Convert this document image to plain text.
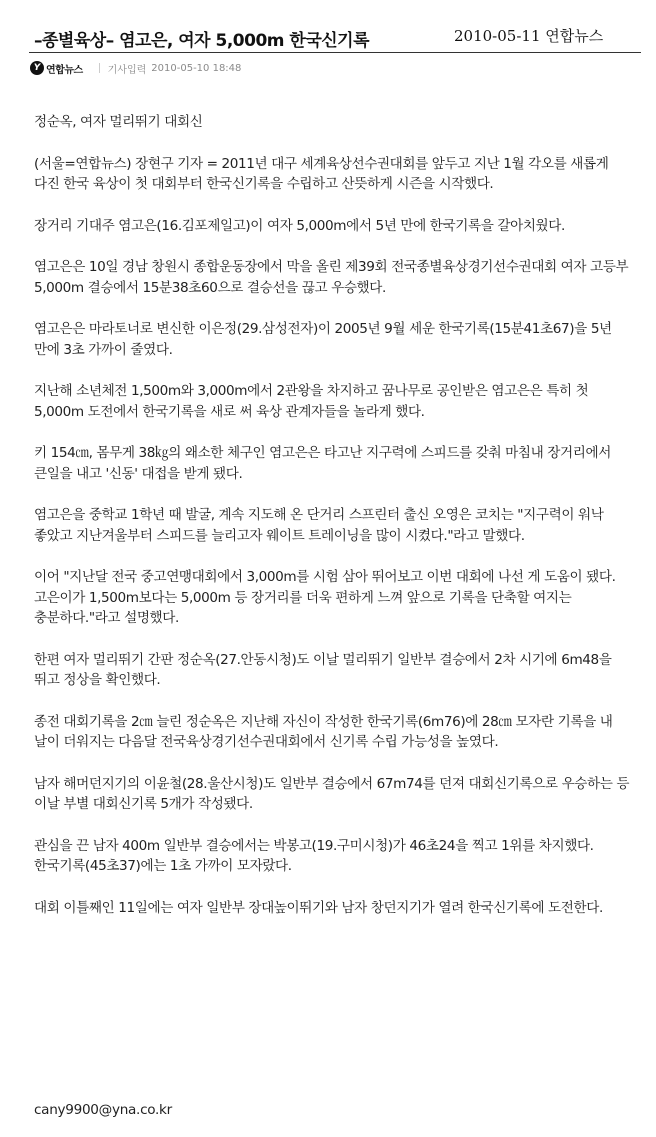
–종별육상– 염고은, 여자 5,000m 한국신기록	2010-05-11 연합뉴스
Y 연합뉴스	기사입력 2010-05-10 18:48

정순옥, 여자 멀리뛰기 대회신

(서울=연합뉴스) 장현구 기자 = 2011년 대구 세계육상선수권대회를 앞두고 지난 1월 각오를 새롭게 다진 한국 육상이 첫 대회부터 한국신기록을 수립하고 산뜻하게 시즌을 시작했다.

장거리 기대주 염고은(16.김포제일고)이 여자 5,000m에서 5년 만에 한국기록을 갈아치웠다.

염고은은 10일 경남 창원시 종합운동장에서 막을 올린 제39회 전국종별육상경기선수권대회 여자 고등부 5,000m 결승에서 15분38초60으로 결승선을 끊고 우승했다.

염고은은 마라토너로 변신한 이은정(29.삼성전자)이 2005년 9월 세운 한국기록(15분41초67)을 5년 만에 3초 가까이 줄였다.

지난해 소년체전 1,500m와 3,000m에서 2관왕을 차지하고 꿈나무로 공인받은 염고은은 특히 첫 5,000m 도전에서 한국기록을 새로 써 육상 관계자들을 놀라게 했다.

키 154㎝, 몸무게 38㎏의 왜소한 체구인 염고은은 타고난 지구력에 스피드를 갖춰 마침내 장거리에서 큰일을 내고 '신동' 대접을 받게 됐다.

염고은을 중학교 1학년 때 발굴, 계속 지도해 온 단거리 스프린터 출신 오영은 코치는 "지구력이 워낙 좋았고 지난겨울부터 스피드를 늘리고자 웨이트 트레이닝을 많이 시켰다."라고 말했다.

이어 "지난달 전국 중고연맹대회에서 3,000m를 시험 삼아 뛰어보고 이번 대회에 나선 게 도움이 됐다. 고은이가 1,500m보다는 5,000m 등 장거리를 더욱 편하게 느껴 앞으로 기록을 단축할 여지는 충분하다."라고 설명했다.

한편 여자 멀리뛰기 간판 정순옥(27.안동시청)도 이날 멀리뛰기 일반부 결승에서 2차 시기에 6m48을 뛰고 정상을 확인했다.

종전 대회기록을 2㎝ 늘린 정순옥은 지난해 자신이 작성한 한국기록(6m76)에 28㎝ 모자란 기록을 내 날이 더워지는 다음달 전국육상경기선수권대회에서 신기록 수립 가능성을 높였다.

남자 해머던지기의 이윤철(28.울산시청)도 일반부 결승에서 67m74를 던져 대회신기록으로 우승하는 등 이날 부별 대회신기록 5개가 작성됐다.

관심을 끈 남자 400m 일반부 결승에서는 박봉고(19.구미시청)가 46초24을 찍고 1위를 차지했다. 한국기록(45초37)에는 1초 가까이 모자랐다.

대회 이틀째인 11일에는 여자 일반부 장대높이뛰기와 남자 창던지기가 열려 한국신기록에 도전한다.

cany9900@yna.co.kr
